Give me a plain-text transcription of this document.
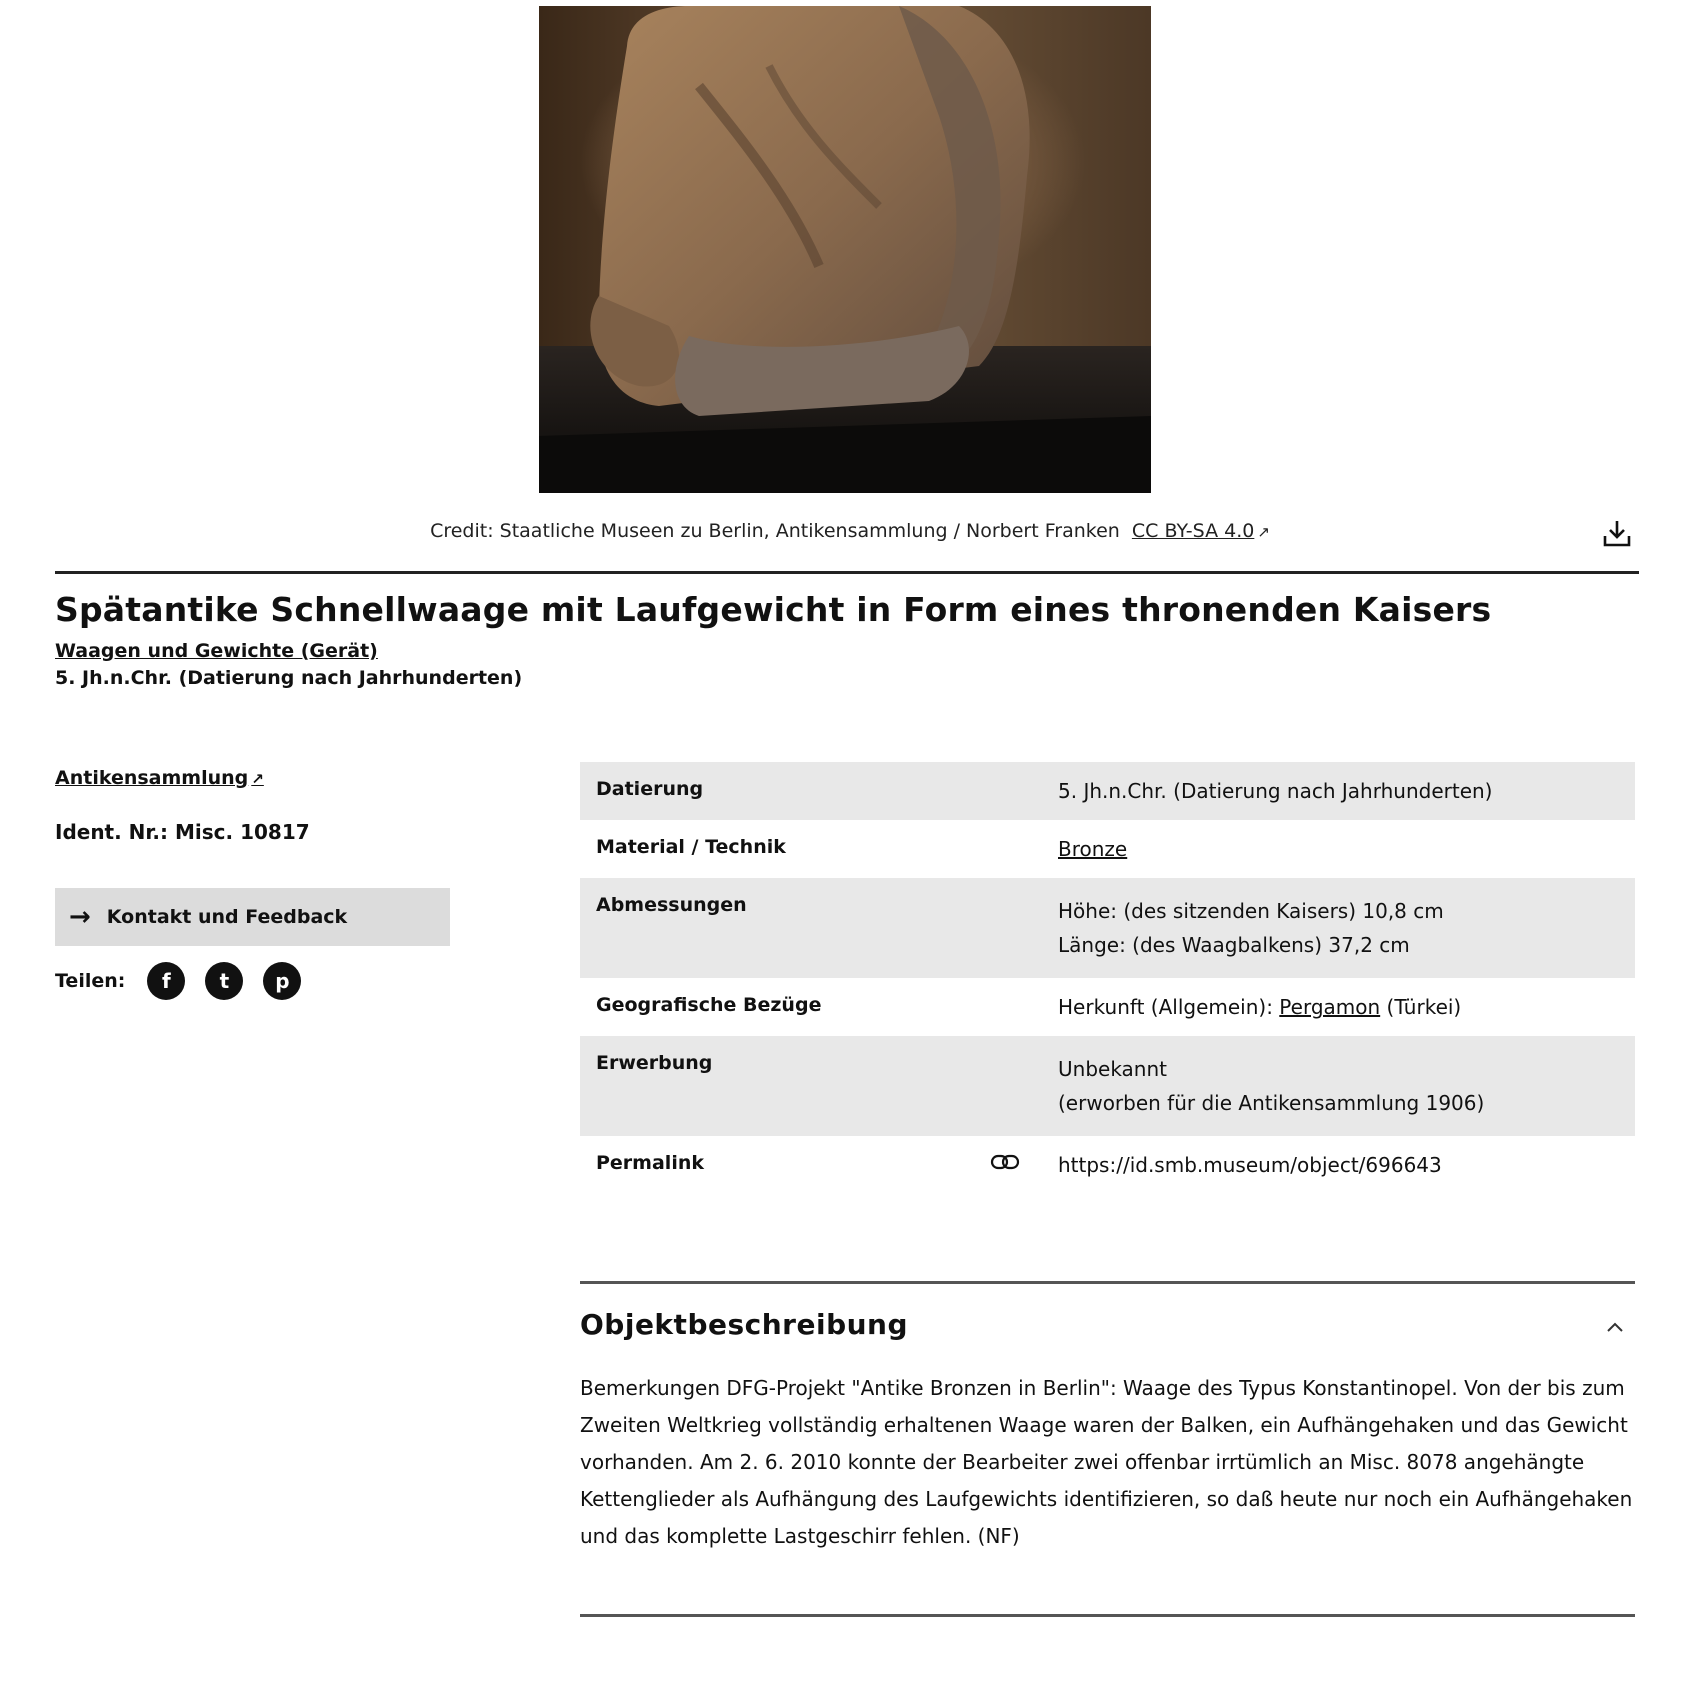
Credit: Staatliche Museen zu Berlin, Antikensammlung / Norbert Franken CC BY-SA 4.0 ↗
Spätantike Schnellwaage mit Laufgewicht in Form eines thronenden Kaisers
Waagen und Gewichte (Gerät)
5. Jh.n.Chr. (Datierung nach Jahrhunderten)
Antikensammlung ↗
Ident. Nr.: Misc. 10817
→ Kontakt und Feedback
Teilen:	f	t	p
Datierung		5. Jh.n.Chr. (Datierung nach Jahrhunderten)
Material / Technik		Bronze
Abmessungen		Höhe: (des sitzenden Kaisers) 10,8 cm
Länge: (des Waagbalkens) 37,2 cm

Geografische Bezüge		Herkunft (Allgemein): Pergamon (Türkei)
Erwerbung		Unbekannt
(erworben für die Antikensammlung 1906)

Permalink		https://id.smb.museum/object/696643
Objektbeschreibung

Bemerkungen DFG-Projekt "Antike Bronzen in Berlin": Waage des Typus Konstantinopel. Von der bis zum Zweiten Weltkrieg vollständig erhaltenen Waage waren der Balken, ein Aufhängehaken und das Gewicht vorhanden. Am 2. 6. 2010 konnte der Bearbeiter zwei offenbar irrtümlich an Misc. 8078 angehängte Kettenglieder als Aufhängung des Laufgewichts identifizieren, so daß heute nur noch ein Aufhängehaken und das komplette Lastgeschirr fehlen. (NF)
